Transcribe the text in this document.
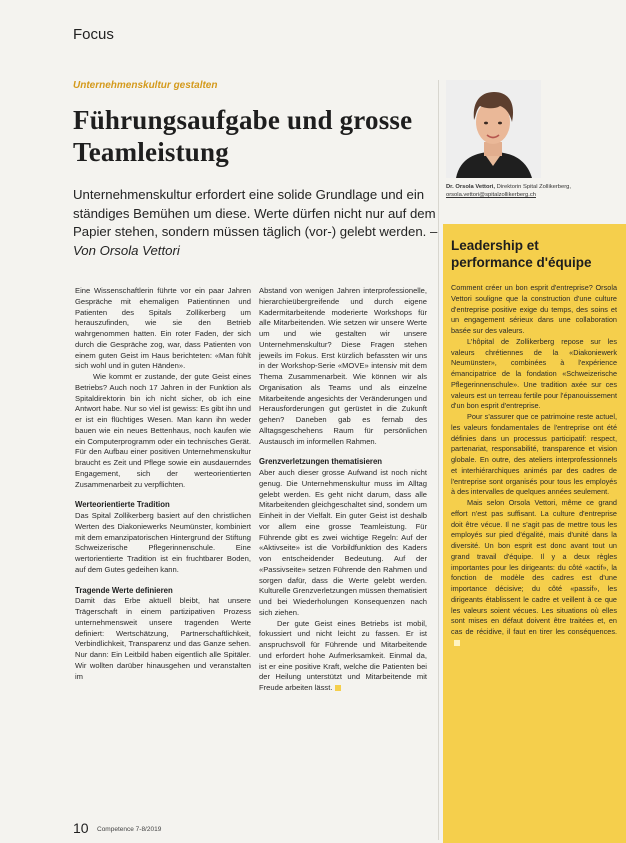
Focus
Unternehmenskultur gestalten
Führungsaufgabe und grosse Teamleistung
Unternehmenskultur erfordert eine solide Grundlage und ein ständiges Bemühen um diese. Werte dürfen nicht nur auf dem Papier stehen, sondern müssen täglich (vor-) gelebt werden. – Von Orsola Vettori

Eine Wissenschaftlerin führte vor ein paar Jahren Gespräche mit ehemaligen Patientinnen und Patienten des Spitals Zollikerberg um herauszufinden, wie sie den Betrieb wahrgenommen hatten. Ein roter Faden, der sich durch die Gespräche zog, war, dass Patienten von einem guten Geist im Haus berichteten: «Man fühlt sich wohl und in guten Händen».

Wie kommt er zustande, der gute Geist eines Betriebs? Auch noch 17 Jahren in der Funktion als Spitaldirektorin bin ich nicht sicher, ob ich eine Antwort habe. Nur so viel ist gewiss: Es gibt ihn und er ist ein flüchtiges Wesen. Man kann ihn weder bauen wie ein neues Bettenhaus, noch kaufen wie ein Computerprogramm oder ein technisches Gerät. Für den Aufbau einer positiven Unternehmenskultur braucht es Zeit und Pflege sowie ein ausdauerndes Engagement, sich der werteorientierten Zusammenarbeit zu verpflichten.

Werteorientierte Tradition

Das Spital Zollikerberg basiert auf den christlichen Werten des Diakoniewerks Neumünster, kombiniert mit dem emanzipatorischen Hintergrund der Stiftung Schweizerische Pflegerinnenschule. Eine wertorientierte Tradition ist ein fruchtbarer Boden, auf dem Gutes gedeihen kann.

Tragende Werte definieren

Damit das Erbe aktuell bleibt, hat unsere Trägerschaft in einem partizipativen Prozess unternehmensweit unsere tragenden Werte definiert: Wertschätzung, Partnerschaftlichkeit, Verbindlichkeit, Transparenz und das Ganze sehen. Nur dann: Ein Leitbild haben eigentlich alle Spitäler. Wir wollten darüber hinausgehen und veranstalten im

Abstand von wenigen Jahren interprofessionelle, hierarchieübergreifende und durch eigene Kadermitarbeitende moderierte Workshops für alle Mitarbeitenden. Wie setzen wir unsere Werte um und wie gestalten wir unsere Unternehmenskultur? Diese Fragen stehen jeweils im Fokus. Erst kürzlich befassten wir uns in der Workshop-Serie «MOVE» intensiv mit dem Thema Zusammenarbeit. Wie können wir als Organisation als Teams und als einzelne Mitarbeitende angesichts der Veränderungen und Herausforderungen gut gerüstet in die Zukunft gehen? Daneben gab es fernab des Alltagsgeschehens Raum für persönlichen Austausch im informellen Rahmen.

Grenzverletzungen thematisieren

Aber auch dieser grosse Aufwand ist noch nicht genug. Die Unternehmenskultur muss im Alltag gelebt werden. Es geht nicht darum, dass alle Mitarbeitenden gleichgeschaltet sind, sondern um Einheit in der Vielfalt. Ein guter Geist ist deshalb vor allem eine grosse Teamleistung. Für Führende gibt es zwei wichtige Regeln: Auf der «Aktivseite» ist die Vorbildfunktion des Kaders von entscheidender Bedeutung. Auf der «Passivseite» setzen Führende den Rahmen und sorgen dafür, dass die Werte gelebt werden. Kulturelle Grenzverletzungen müssen thematisiert und bei Wiederholungen Konsequenzen nach sich ziehen.

Der gute Geist eines Betriebs ist mobil, fokussiert und nicht leicht zu fassen. Er ist anspruchsvoll für Führende und Mitarbeitende und erfordert hohe Aufmerksamkeit. Einmal da, ist er eine positive Kraft, welche die Patienten bei der Heilung unterstützt und Mitarbeitende mit Freude arbeiten lässt.

10 Competence 7-8/2019
Dr. Orsola Vettori, Direktorin Spital Zollikerberg,
orsola.vettori@spitalzollikerberg.ch
Leadership et performance d'équipe

Comment créer un bon esprit d'entreprise? Orsola Vettori souligne que la construction d'une culture d'entreprise positive exige du temps, des soins et un engagement sérieux dans une collaboration basée sur des valeurs.

L'hôpital de Zollikerberg repose sur les valeurs chrétiennes de la «Diakoniewerk Neumünster», combinées à l'expérience émancipatrice de la fondation «Schweizerische Pflegerinnenschule». Une tradition axée sur ces valeurs est un terreau fertile pour l'épanouissement d'un bon esprit d'entreprise.

Pour s'assurer que ce patrimoine reste actuel, les valeurs fondamentales de l'entreprise ont été définies dans un processus participatif: respect, partenariat, responsabilité, transparence et vision globale. En outre, des ateliers interprofessionnels et interhiérarchiques animés par des cadres de l'entreprise sont organisés pour tous les employés à des intervalles de quelques années seulement.

Mais selon Orsola Vettori, même ce grand effort n'est pas suffisant. La culture d'entreprise doit être vécue. Il ne s'agit pas de mettre tous les employés sur pied d'égalité, mais d'unité dans la diversité. Un bon esprit est donc avant tout un grand travail d'équipe. Il y a deux règles importantes pour les dirigeants: du côté «actif», la fonction de modèle des cadres est d'une importance décisive; du côté «passif», les dirigeants établissent le cadre et veillent à ce que les valeurs soient vécues. Les situations où elles sont mises en défaut doivent être traitées et, en cas de récidive, il faut en tirer les conséquences.
